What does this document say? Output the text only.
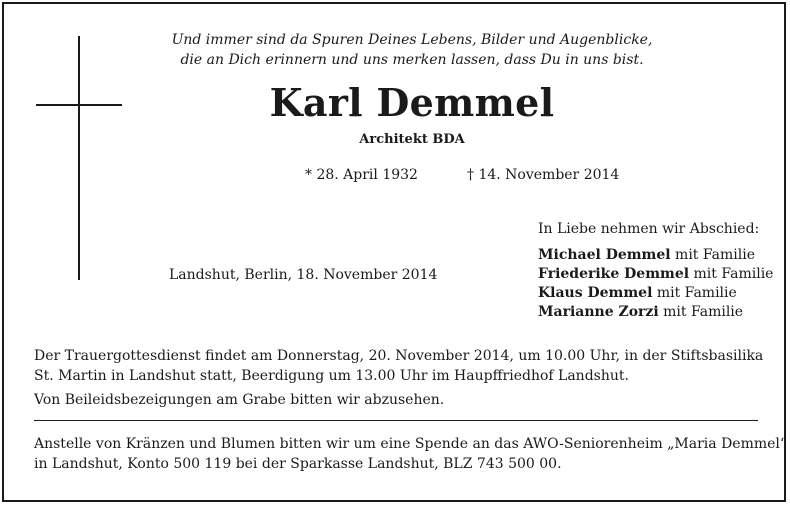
Und immer sind da Spuren Deines Lebens, Bilder und Augenblicke,
die an Dich erinnern und uns merken lassen, dass Du in uns bist.
Karl Demmel
Architekt BDA
* 28. April 1932	† 14. November 2014
In Liebe nehmen wir Abschied:
Landshut, Berlin, 18. November 2014
Michael Demmel mit Familie
Friederike Demmel mit Familie
Klaus Demmel mit Familie
Marianne Zorzi mit Familie
Der Trauergottesdienst findet am Donnerstag, 20. November 2014, um 10.00 Uhr, in der Stiftsbasilika
St. Martin in Landshut statt, Beerdigung um 13.00 Uhr im Haupffriedhof Landshut.
Von Beileidsbezeigungen am Grabe bitten wir abzusehen.
Anstelle von Kränzen und Blumen bitten wir um eine Spende an das AWO-Seniorenheim „Maria Demmel“
in Landshut, Konto 500 119 bei der Sparkasse Landshut, BLZ 743 500 00.
